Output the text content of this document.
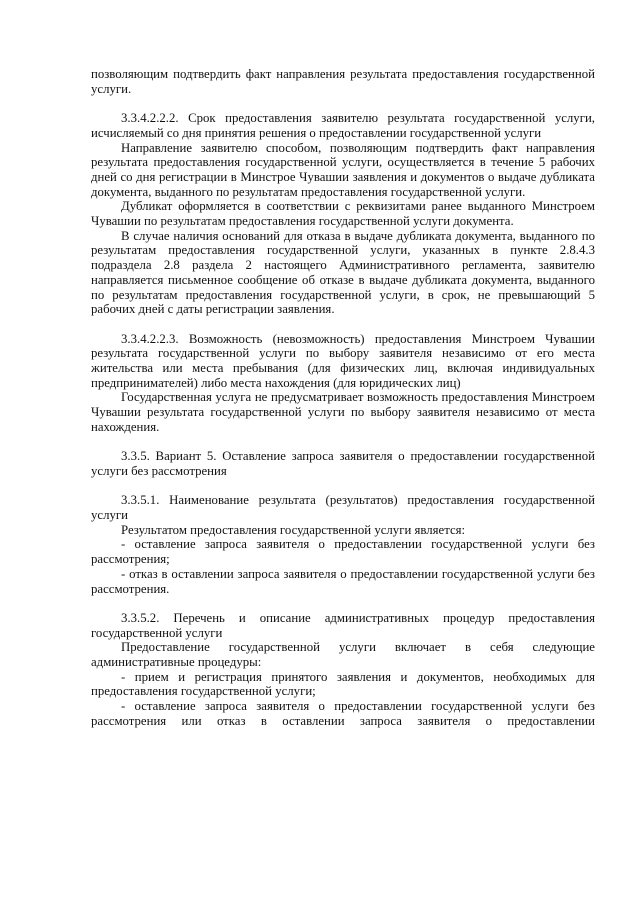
позволяющим подтвердить факт направления результата предоставления государственной услуги.

3.3.4.2.2.2. Срок предоставления заявителю результата государственной услуги, исчисляемый со дня принятия решения о предоставлении государственной услуги

Направление заявителю способом, позволяющим подтвердить факт направления результата предоставления государственной услуги, осуществляется в течение 5 рабочих дней со дня регистрации в Минстрое Чувашии заявления и документов о выдаче дубликата документа, выданного по результатам предоставления государственной услуги.

Дубликат оформляется в соответствии с реквизитами ранее выданного Минстроем Чувашии по результатам предоставления государственной услуги документа.

В случае наличия оснований для отказа в выдаче дубликата документа, выданного по результатам предоставления государственной услуги, указанных в пункте 2.8.4.3 подраздела 2.8 раздела 2 настоящего Административного регламента, заявителю направляется письменное сообщение об отказе в выдаче дубликата документа, выданного по результатам предоставления государственной услуги, в срок, не превышающий 5 рабочих дней с даты регистрации заявления.

3.3.4.2.2.3. Возможность (невозможность) предоставления Минстроем Чувашии результата государственной услуги по выбору заявителя независимо от его места жительства или места пребывания (для физических лиц, включая индивидуальных предпринимателей) либо места нахождения (для юридических лиц)

Государственная услуга не предусматривает возможность предоставления Минстроем Чувашии результата государственной услуги по выбору заявителя независимо от места нахождения.

3.3.5. Вариант 5. Оставление запроса заявителя о предоставлении государственной услуги без рассмотрения

3.3.5.1. Наименование результата (результатов) предоставления государственной услуги

Результатом предоставления государственной услуги является:

- оставление запроса заявителя о предоставлении государственной услуги без рассмотрения;

- отказ в оставлении запроса заявителя о предоставлении государственной услуги без рассмотрения.

3.3.5.2. Перечень и описание административных процедур предоставления государственной услуги

Предоставление государственной услуги включает в себя следующие административные процедуры:

- прием и регистрация принятого заявления и документов, необходимых для предоставления государственной услуги;

- оставление запроса заявителя о предоставлении государственной услуги без рассмотрения или отказ в оставлении запроса заявителя о предоставлении
